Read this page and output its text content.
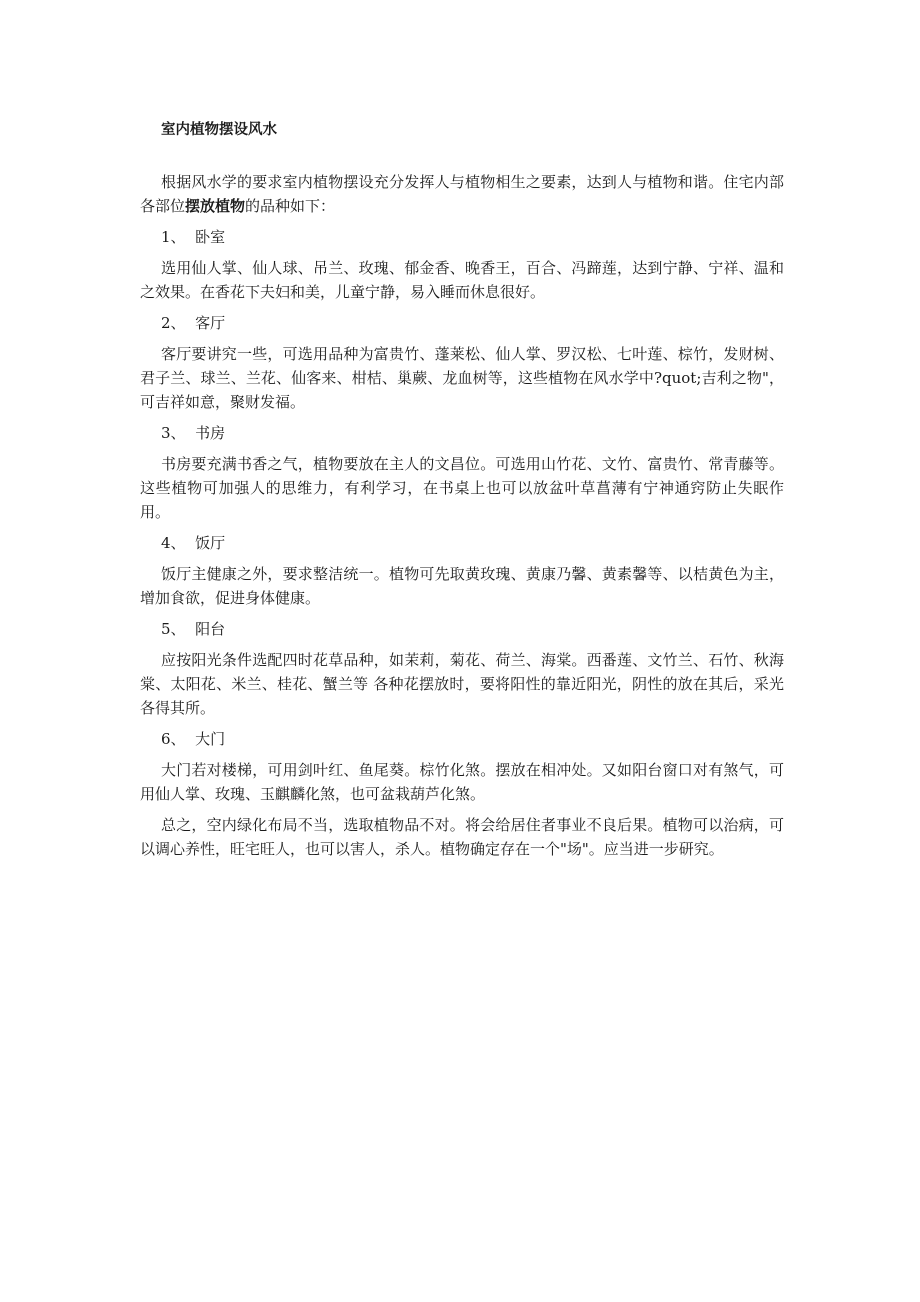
室内植物摆设风水

根据风水学的要求室内植物摆设充分发挥人与植物相生之要素，达到人与植物和谐。住宅内部各部位摆放植物的品种如下：

1、  卧室

选用仙人掌、仙人球、吊兰、玫瑰、郁金香、晚香王，百合、冯蹄莲，达到宁静、宁祥、温和之效果。在香花下夫妇和美，儿童宁静，易入睡而休息很好。

2、  客厅

客厅要讲究一些，可选用品种为富贵竹、蓬莱松、仙人掌、罗汉松、七叶莲、棕竹，发财树、君子兰、球兰、兰花、仙客来、柑桔、巢蕨、龙血树等，这些植物在风水学中?quot;吉利之物"，可吉祥如意，聚财发福。

3、  书房

书房要充满书香之气，植物要放在主人的文昌位。可选用山竹花、文竹、富贵竹、常青藤等。这些植物可加强人的思维力，有利学习，在书桌上也可以放盆叶草菖薄有宁神通窍防止失眠作用。

4、  饭厅

饭厅主健康之外，要求整洁统一。植物可先取黄玫瑰、黄康乃馨、黄素馨等、以桔黄色为主，增加食欲，促进身体健康。

5、  阳台

应按阳光条件选配四时花草品种，如茉莉，菊花、荷兰、海棠。西番莲、文竹兰、石竹、秋海棠、太阳花、米兰、桂花、蟹兰等 各种花摆放时，要将阳性的靠近阳光，阴性的放在其后，采光各得其所。

6、  大门

大门若对楼梯，可用剑叶红、鱼尾葵。棕竹化煞。摆放在相冲处。又如阳台窗口对有煞气，可用仙人掌、玫瑰、玉麒麟化煞，也可盆栽葫芦化煞。

总之，空内绿化布局不当，选取植物品不对。将会给居住者事业不良后果。植物可以治病，可以调心养性，旺宅旺人，也可以害人，杀人。植物确定存在一个"场"。应当进一步研究。
